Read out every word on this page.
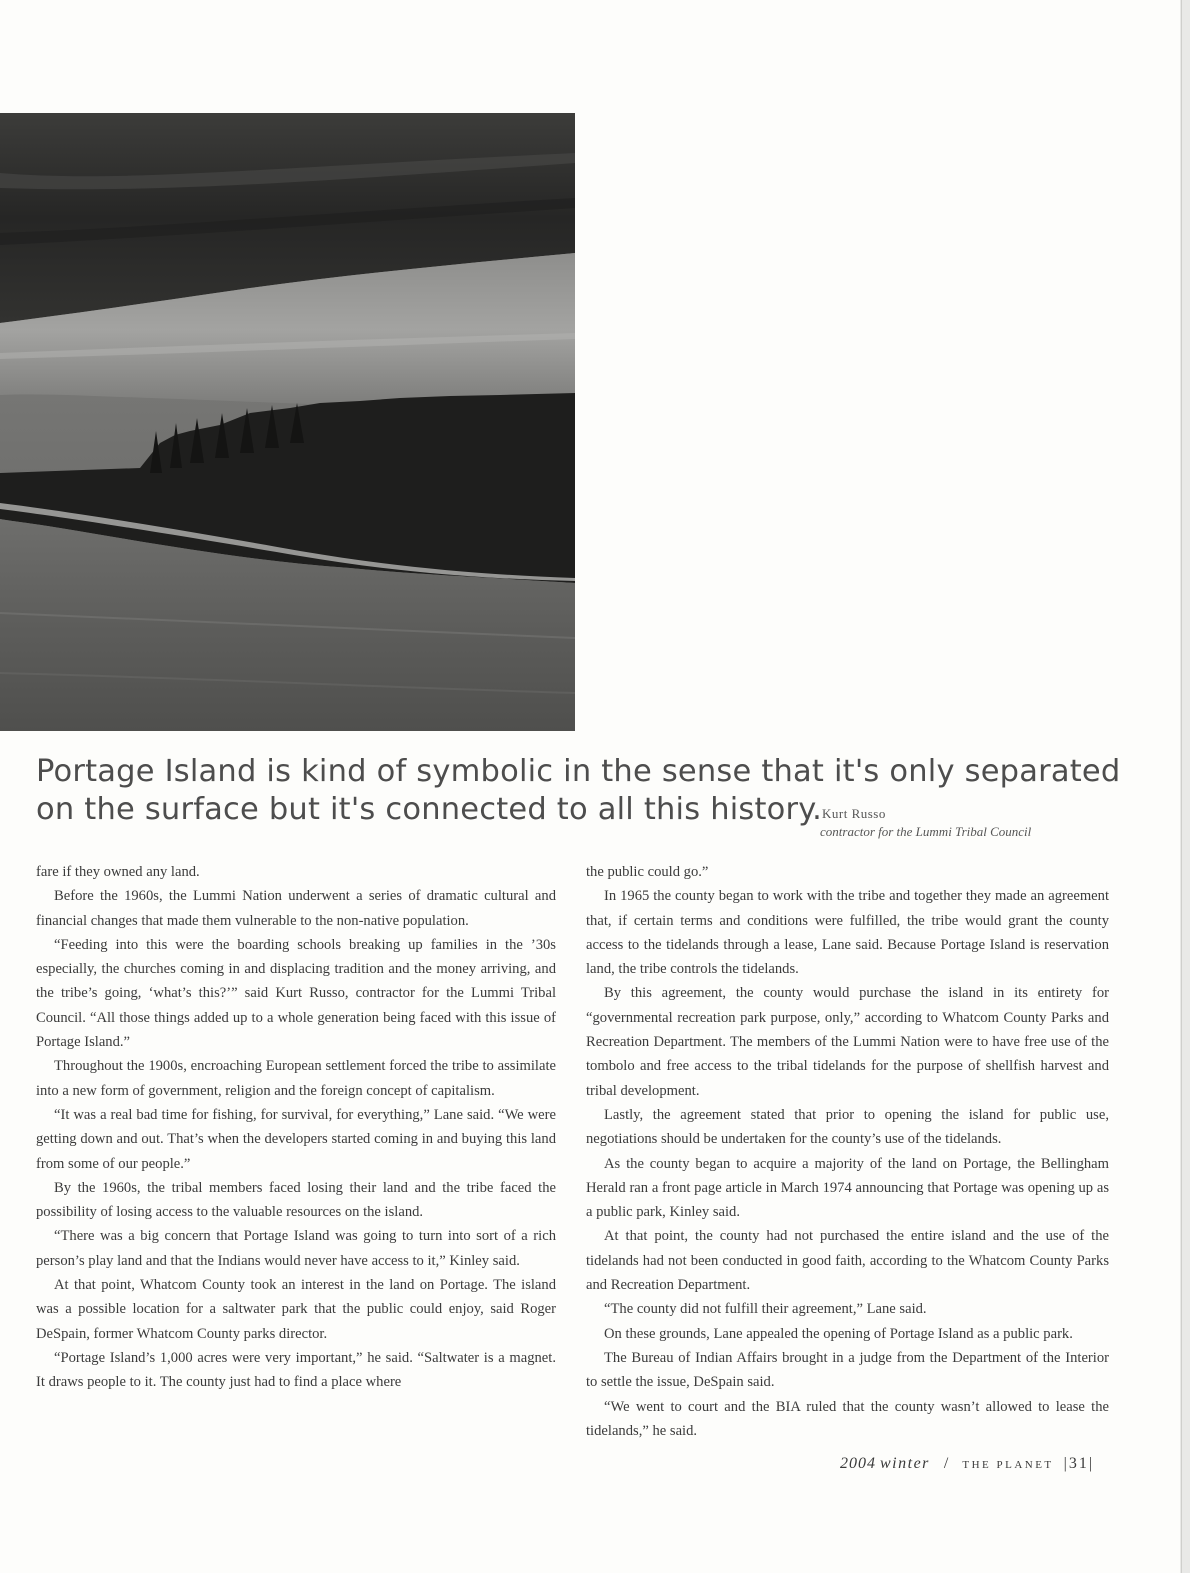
Portage Island is kind of symbolic in the sense that it's only separated on the surface but it's connected to all this history. Kurt Russo
contractor for the Lummi Tribal Council

fare if they owned any land.

Before the 1960s, the Lummi Nation underwent a series of dramatic cultural and financial changes that made them vulnerable to the non-native population.

“Feeding into this were the boarding schools breaking up families in the ’30s especially, the churches coming in and displacing tradition and the money arriving, and the tribe’s going, ‘what’s this?’” said Kurt Russo, contractor for the Lummi Tribal Council. “All those things added up to a whole generation being faced with this issue of Portage Island.”

Throughout the 1900s, encroaching European settlement forced the tribe to assimilate into a new form of government, religion and the foreign concept of capitalism.

“It was a real bad time for fishing, for survival, for everything,” Lane said. “We were getting down and out. That’s when the developers started coming in and buying this land from some of our people.”

By the 1960s, the tribal members faced losing their land and the tribe faced the possibility of losing access to the valuable resources on the island.

“There was a big concern that Portage Island was going to turn into sort of a rich person’s play land and that the Indians would never have access to it,” Kinley said.

At that point, Whatcom County took an interest in the land on Portage. The island was a possible location for a saltwater park that the public could enjoy, said Roger DeSpain, former Whatcom County parks director.

“Portage Island’s 1,000 acres were very important,” he said. “Saltwater is a magnet. It draws people to it. The county just had to find a place where

the public could go.”

In 1965 the county began to work with the tribe and together they made an agreement that, if certain terms and conditions were fulfilled, the tribe would grant the county access to the tidelands through a lease, Lane said. Because Portage Island is reservation land, the tribe controls the tidelands.

By this agreement, the county would purchase the island in its entirety for “governmental recreation park purpose, only,” according to Whatcom County Parks and Recreation Department. The members of the Lummi Nation were to have free use of the tombolo and free access to the tribal tidelands for the purpose of shellfish harvest and tribal development.

Lastly, the agreement stated that prior to opening the island for public use, negotiations should be undertaken for the county’s use of the tidelands.

As the county began to acquire a majority of the land on Portage, the Bellingham Herald ran a front page article in March 1974 announcing that Portage was opening up as a public park, Kinley said.

At that point, the county had not purchased the entire island and the use of the tidelands had not been conducted in good faith, according to the Whatcom County Parks and Recreation Department.

“The county did not fulfill their agreement,” Lane said.

On these grounds, Lane appealed the opening of Portage Island as a public park.

The Bureau of Indian Affairs brought in a judge from the Department of the Interior to settle the issue, DeSpain said.

“We went to court and the BIA ruled that the county wasn’t allowed to lease the tidelands,” he said.

2004 winter / THE PLANET |31|
